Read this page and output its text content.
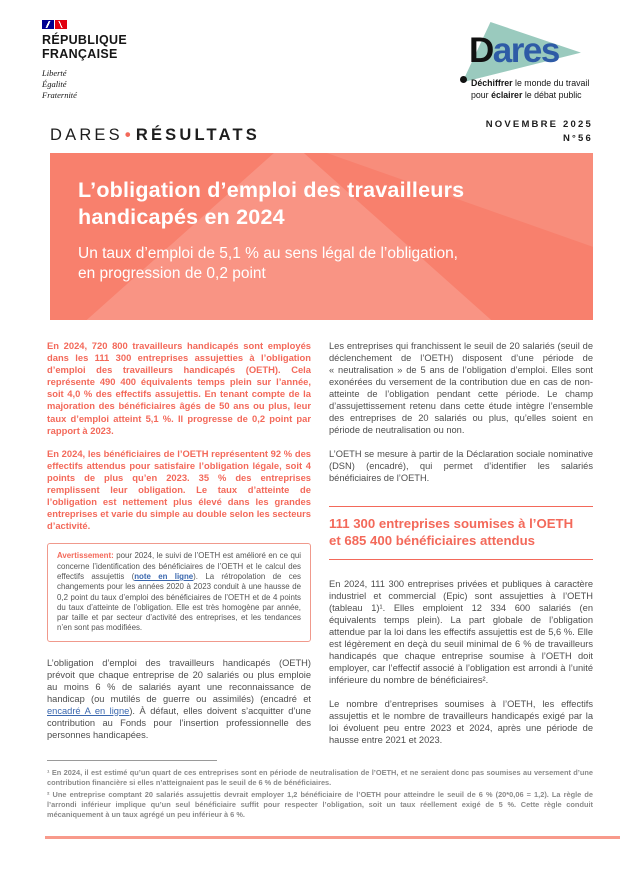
RÉPUBLIQUE
FRANÇAISE
Liberté
Égalité
Fraternité
Dares
Déchiffrer le monde du travail
pour éclairer le débat public
DARES • RÉSULTATS
NOVEMBRE 2025
N°56
L’obligation d’emploi des travailleurs
handicapés en 2024
Un taux d’emploi de 5,1 % au sens légal de l’obligation,
en progression de 0,2 point

En 2024, 720 800 travailleurs handicapés sont employés dans les 111 300 entreprises assujetties à l’obligation d’emploi des travailleurs handicapés (OETH). Cela représente 490 400 équivalents temps plein sur l’année, soit 4,0 % des effectifs assujettis. En tenant compte de la majoration des bénéficiaires âgés de 50 ans ou plus, leur taux d’emploi atteint 5,1 %. Il progresse de 0,2 point par rapport à 2023.

En 2024, les bénéficiaires de l’OETH représentent 92 % des effectifs attendus pour satisfaire l’obligation légale, soit 4 points de plus qu’en 2023. 35 % des entreprises remplissent leur obligation. Le taux d’atteinte de l’obligation est nettement plus élevé dans les grandes entreprises et varie du simple au double selon les secteurs d’activité.

Avertissement: pour 2024, le suivi de l’OETH est amélioré en ce qui concerne l’identification des bénéficiaires de l’OETH et le calcul des effectifs assujettis (note en ligne). La rétropolation de ces changements pour les années 2020 à 2023 conduit à une hausse de 0,2 point du taux d’emploi des bénéficiaires de l’OETH et de 4 points du taux d’atteinte de l’obligation. Elle est très homogène par année, par taille et par secteur d’activité des entreprises, et les tendances n’en sont pas modifiées.

L’obligation d’emploi des travailleurs handicapés (OETH) prévoit que chaque entreprise de 20 salariés ou plus emploie au moins 6 % de salariés ayant une reconnaissance de handicap (ou mutilés de guerre ou assimilés) (encadré et encadré A en ligne). À défaut, elles doivent s’acquitter d’une contribution au Fonds pour l’insertion professionnelle des personnes handicapées.

Les entreprises qui franchissent le seuil de 20 salariés (seuil de déclenchement de l’OETH) disposent d’une période de « neutralisation » de 5 ans de l’obligation d’emploi. Elles sont exonérées du versement de la contribution due en cas de non-atteinte de l’obligation pendant cette période. Le champ d’assujettissement retenu dans cette étude intègre l’ensemble des entreprises de 20 salariés ou plus, qu’elles soient en période de neutralisation ou non.

L’OETH se mesure à partir de la Déclaration sociale nominative (DSN) (encadré), qui permet d’identifier les salariés bénéficiaires de l’OETH.

111 300 entreprises soumises à l’OETH
et 685 400 bénéficiaires attendus

En 2024, 111 300 entreprises privées et publiques à caractère industriel et commercial (Epic) sont assujetties à l’OETH (tableau 1)¹. Elles emploient 12 334 600 salariés (en équivalents temps plein). La part globale de l’obligation attendue par la loi dans les effectifs assujettis est de 5,6 %. Elle est légèrement en deçà du seuil minimal de 6 % de travailleurs handicapés que chaque entreprise soumise à l’OETH doit employer, car l’effectif associé à l’obligation est arrondi à l’unité inférieure du nombre de bénéficiaires².

Le nombre d’entreprises soumises à l’OETH, les effectifs assujettis et le nombre de travailleurs handicapés exigé par la loi évoluent peu entre 2023 et 2024, après une période de hausse entre 2021 et 2023.

¹ En 2024, il est estimé qu’un quart de ces entreprises sont en période de neutralisation de l’OETH, et ne seraient donc pas soumises au versement d’une contribution financière si elles n’atteignaient pas le seuil de 6 % de bénéficiaires.

² Une entreprise comptant 20 salariés assujettis devrait employer 1,2 bénéficiaire de l’OETH pour atteindre le seuil de 6 % (20*0,06 = 1,2). La règle de l’arrondi inférieur implique qu’un seul bénéficiaire suffit pour respecter l’obligation, soit un taux réellement exigé de 5 %. Cette règle conduit mécaniquement à un taux agrégé un peu inférieur à 6 %.
